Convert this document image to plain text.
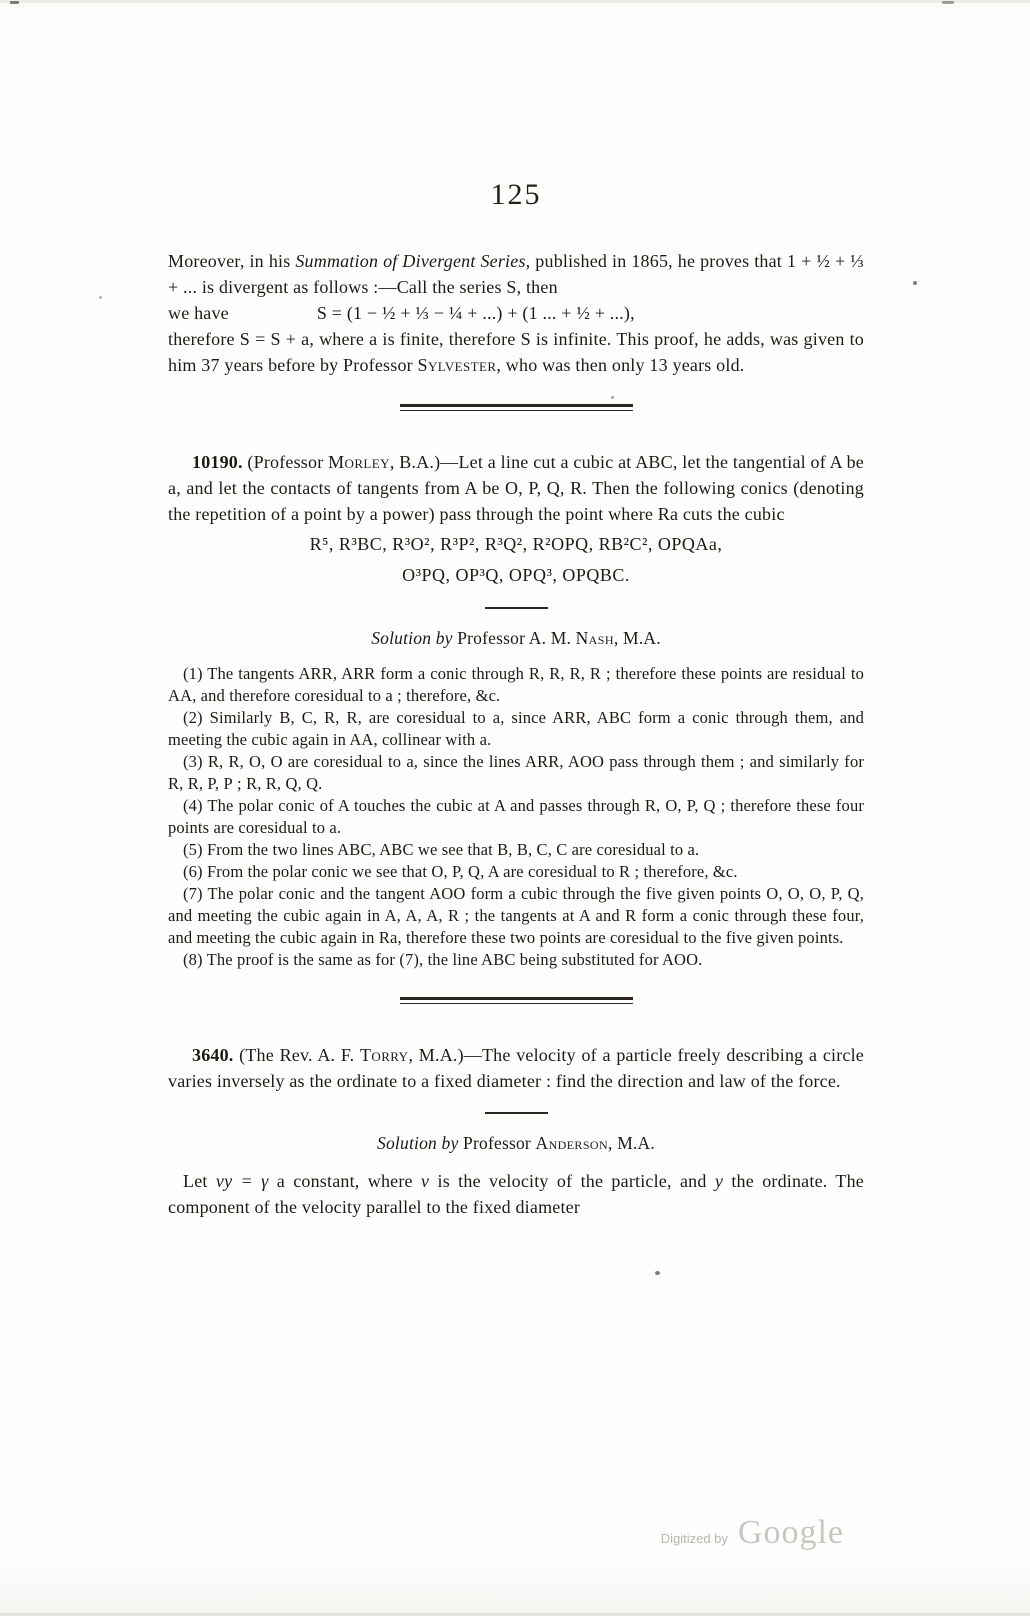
125

Moreover, in his Summation of Divergent Series, published in 1865, he proves that 1 + ½ + ⅓ + ... is divergent as follows :—Call the series S, then

we have	S = (1 − ½ + ⅓ − ¼ + ...) + (1 ... + ½ + ...),

therefore S = S + a, where a is finite, therefore S is infinite. This proof, he adds, was given to him 37 years before by Professor Sylvester, who was then only 13 years old.

10190. (Professor Morley, B.A.)—Let a line cut a cubic at ABC, let the tangential of A be a, and let the contacts of tangents from A be O, P, Q, R. Then the following conics (denoting the repetition of a point by a power) pass through the point where Ra cuts the cubic

R⁵, R³BC, R³O², R³P², R³Q², R²OPQ, RB²C², OPQAa,

O³PQ, OP³Q, OPQ³, OPQBC.

Solution by Professor A. M. Nash, M.A.

(1) The tangents ARR, ARR form a conic through R, R, R, R ; therefore these points are residual to AA, and therefore coresidual to a ; therefore, &c.

(2) Similarly B, C, R, R, are coresidual to a, since ARR, ABC form a conic through them, and meeting the cubic again in AA, collinear with a.

(3) R, R, O, O are coresidual to a, since the lines ARR, AOO pass through them ; and similarly for R, R, P, P ; R, R, Q, Q.

(4) The polar conic of A touches the cubic at A and passes through R, O, P, Q ; therefore these four points are coresidual to a.

(5) From the two lines ABC, ABC we see that B, B, C, C are coresidual to a.

(6) From the polar conic we see that O, P, Q, A are coresidual to R ; therefore, &c.

(7) The polar conic and the tangent AOO form a cubic through the five given points O, O, O, P, Q, and meeting the cubic again in A, A, A, R ; the tangents at A and R form a conic through these four, and meeting the cubic again in Ra, therefore these two points are coresidual to the five given points.

(8) The proof is the same as for (7), the line ABC being substituted for AOO.

3640. (The Rev. A. F. Torry, M.A.)—The velocity of a particle freely describing a circle varies inversely as the ordinate to a fixed diameter : find the direction and law of the force.

Solution by Professor Anderson, M.A.

Let vy = γ a constant, where v is the velocity of the particle, and y the ordinate. The component of the velocity parallel to the fixed diameter

Digitized by Google
